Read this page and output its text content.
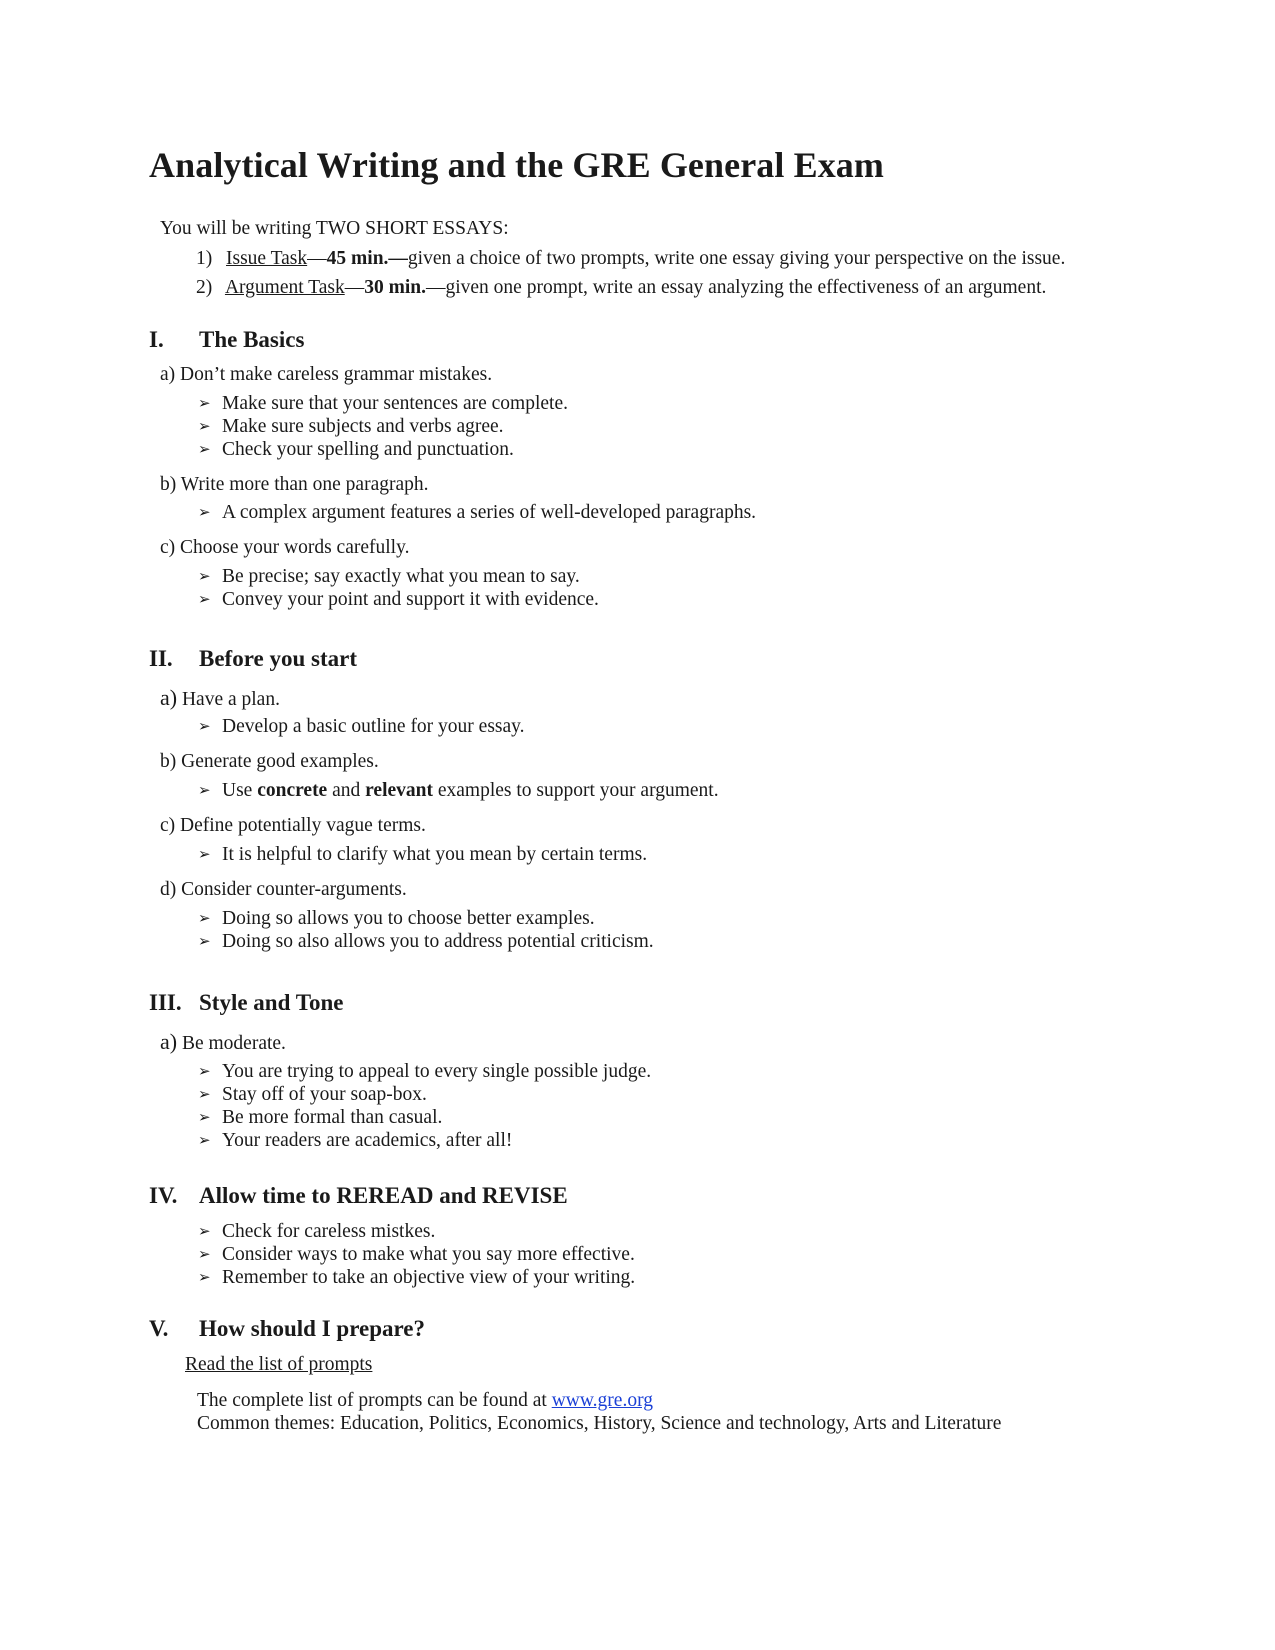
Analytical Writing and the GRE General Exam
You will be writing TWO SHORT ESSAYS:
1) Issue Task—45 min.—given a choice of two prompts, write one essay giving your perspective on the issue.
2) Argument Task—30 min.—given one prompt, write an essay analyzing the effectiveness of an argument.
I. The Basics
a) Don’t make careless grammar mistakes.
➢ Make sure that your sentences are complete.
➢ Make sure subjects and verbs agree.
➢ Check your spelling and punctuation.
b) Write more than one paragraph.
➢ A complex argument features a series of well-developed paragraphs.
c) Choose your words carefully.
➢ Be precise; say exactly what you mean to say.
➢ Convey your point and support it with evidence.
II. Before you start
a) Have a plan.
➢ Develop a basic outline for your essay.
b) Generate good examples.
➢ Use concrete and relevant examples to support your argument.
c) Define potentially vague terms.
➢ It is helpful to clarify what you mean by certain terms.
d) Consider counter-arguments.
➢ Doing so allows you to choose better examples.
➢ Doing so also allows you to address potential criticism.
III. Style and Tone
a) Be moderate.
➢ You are trying to appeal to every single possible judge.
➢ Stay off of your soap-box.
➢ Be more formal than casual.
➢ Your readers are academics, after all!
IV. Allow time to REREAD and REVISE
➢ Check for careless mistkes.
➢ Consider ways to make what you say more effective.
➢ Remember to take an objective view of your writing.
V. How should I prepare?
Read the list of prompts
The complete list of prompts can be found at www.gre.org
Common themes: Education, Politics, Economics, History, Science and technology, Arts and Literature
